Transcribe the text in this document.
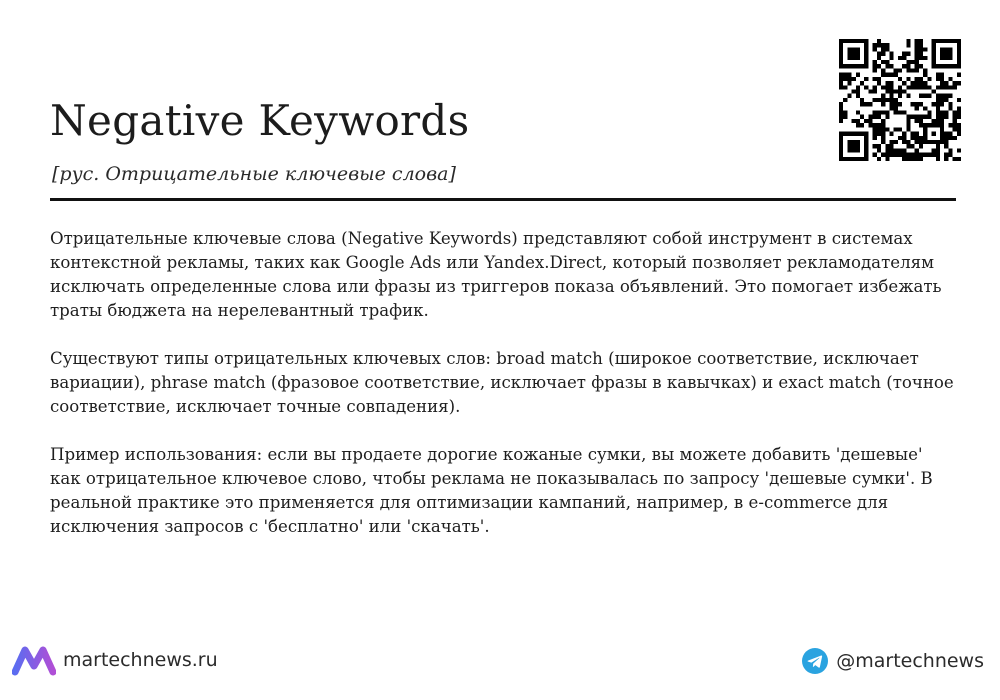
Negative Keywords
[рус. Отрицательные ключевые слова]

Отрицательные ключевые слова (Negative Keywords) представляют собой инструмент в системах контекстной рекламы, таких как Google Ads или Yandex.Direct, который позволяет рекламодателям исключать определенные слова или фразы из триггеров показа объявлений. Это помогает избежать траты бюджета на нерелевантный трафик.

Существуют типы отрицательных ключевых слов: broad match (широкое соответствие, исключает вариации), phrase match (фразовое соответствие, исключает фразы в кавычках) и exact match (точное соответствие, исключает точные совпадения).

Пример использования: если вы продаете дорогие кожаные сумки, вы можете добавить 'дешевые' как отрицательное ключевое слово, чтобы реклама не показывалась по запросу 'дешевые сумки'. В реальной практике это применяется для оптимизации кампаний, например, в e-commerce для исключения запросов с 'бесплатно' или 'скачать'.

martechnews.ru	@martechnews
